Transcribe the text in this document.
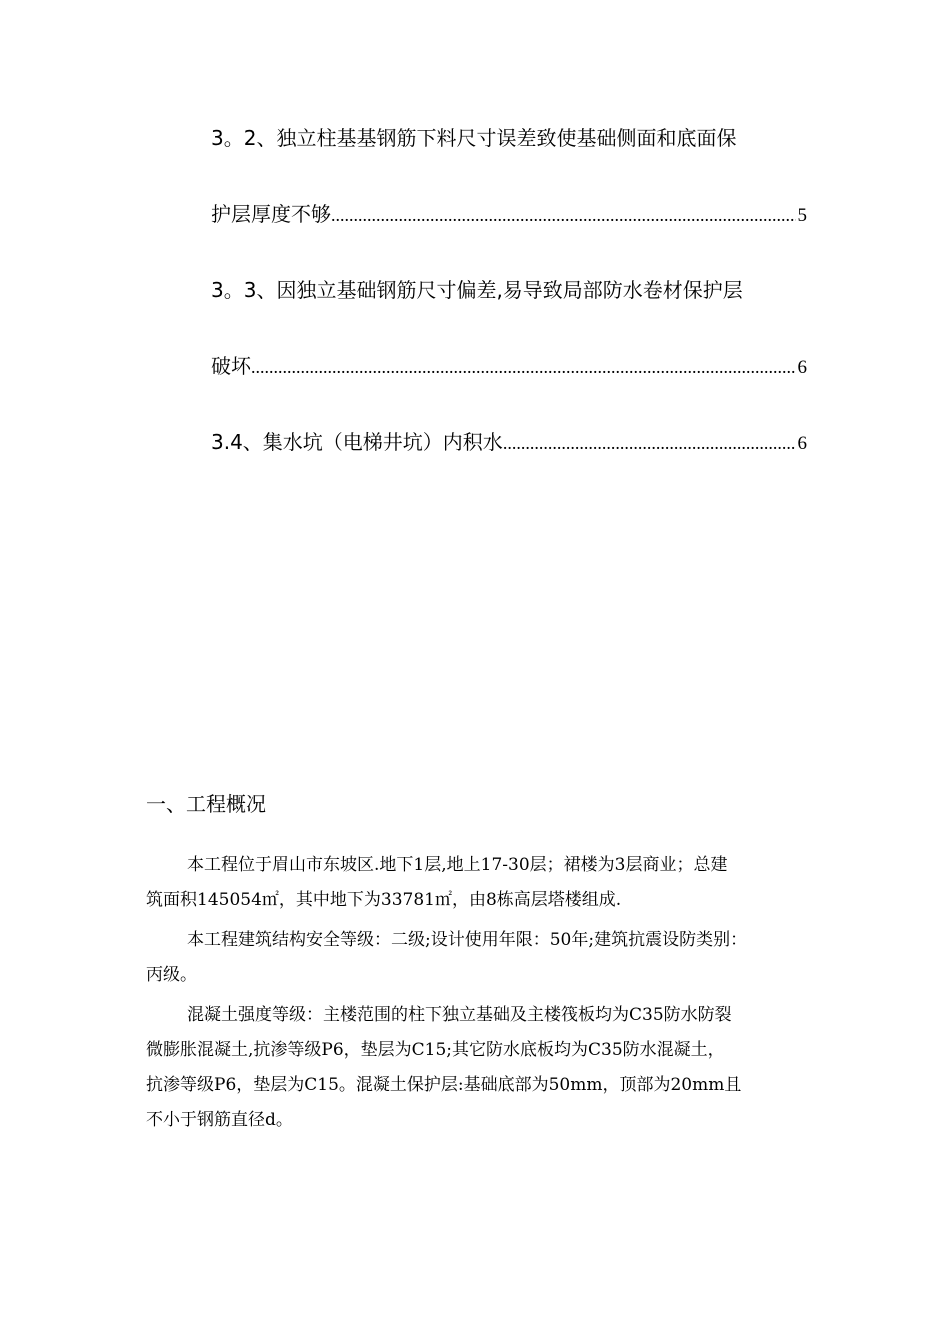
3。2、独立柱基基钢筋下料尺寸误差致使基础侧面和底面保
护层厚度不够 .....	5
3。3、因独立基础钢筋尺寸偏差,易导致局部防水卷材保护层
破坏 .....	6
3.4、集水坑（电梯井坑）内积水 .....	6
一、工程概况
本工程位于眉山市东坡区.地下1层,地上17-30层；裙楼为3层商业；总建
筑面积145054㎡，其中地下为33781㎡，由8栋高层塔楼组成.
本工程建筑结构安全等级：二级;设计使用年限：50年;建筑抗震设防类别：
丙级。
混凝土强度等级：主楼范围的柱下独立基础及主楼筏板均为C35防水防裂
微膨胀混凝土,抗渗等级P6，垫层为C15;其它防水底板均为C35防水混凝土，
抗渗等级P6，垫层为C15。混凝土保护层:基础底部为50mm，顶部为20mm且
不小于钢筋直径d。
